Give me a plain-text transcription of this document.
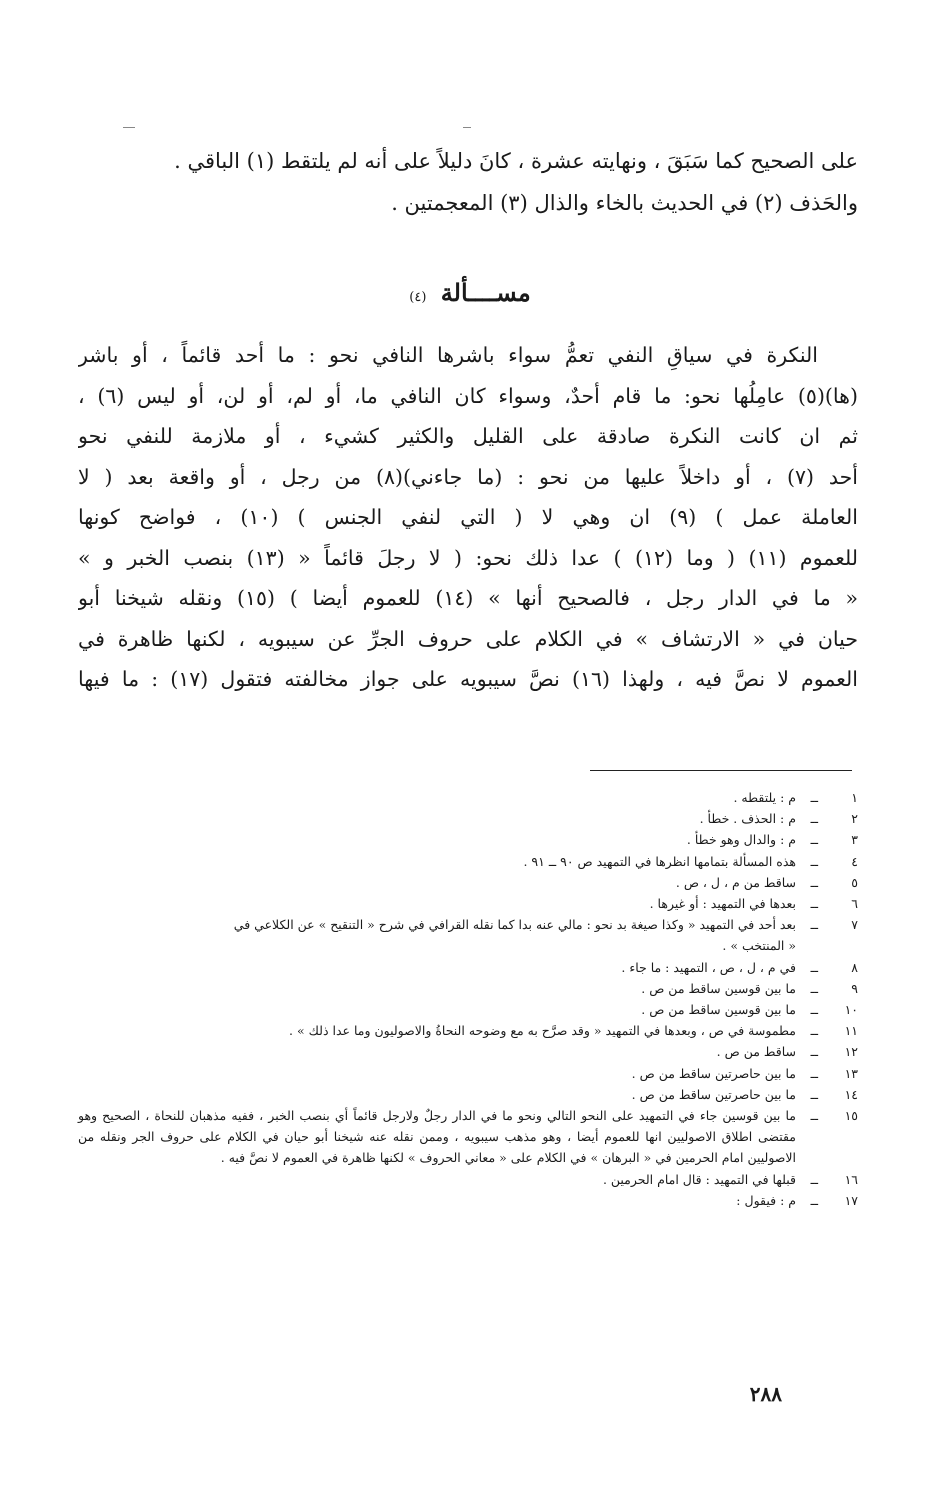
على الصحيح كما سَبَقَ ، ونهايته عشرة ، كانَ دليلاً على أنه لم يلتقط (١) الباقي .
والحَذف (٢) في الحديث بالخاء والذال (٣) المعجمتين .
مســــألة (٤)
النكرة في سياقِ النفي تعمُّ سواء باشرها النافي نحو : ما أحد قائماً ، أو باشر
(ها)(٥) عامِلُها نحو: ما قام أحدٌ، وسواء كان النافي ما، أو لم، أو لن، أو ليس (٦) ،
ثم ان كانت النكرة صادقة على القليل والكثير كشيء ، أو ملازمة للنفي نحو
أحد (٧) ، أو داخلاً عليها من نحو : (ما جاءني)(٨) من رجل ، أو واقعة بعد ( لا
العاملة عمل ) (٩) ان وهي لا ( التي لنفي الجنس ) (١٠) ، فواضح كونها
للعموم (١١) ( وما (١٢) ) عدا ذلك نحو: ( لا رجلَ قائماً « (١٣) بنصب الخبر و »
« ما في الدار رجل ، فالصحيح أنها » (١٤) للعموم أيضا ) (١٥) ونقله شيخنا أبو
حيان في « الارتشاف » في الكلام على حروف الجرِّ عن سيبويه ، لكنها ظاهرة في
العموم لا نصَّ فيه ، ولهذا (١٦) نصَّ سيبويه على جواز مخالفته فتقول (١٧) : ما فيها
١
ــ
م : يلتقطه .
٢
ــ
م : الحذف . خطأ .
٣
ــ
م : والدال وهو خطأ .
٤
ــ
هذه المسألة بتمامها انظرها في التمهيد ص ٩٠ ــ ٩١ .
٥
ــ
ساقط من م ، ل ، ص .
٦
ــ
بعدها في التمهيد : أو غيرها .
٧
ــ
بعد أحد في التمهيد « وكذا صيغة بد نحو : مالي عنه بدا كما نقله القرافي في شرح « التنقيح » عن الكلاعي في
« المنتخب » .
٨
ــ
في م ، ل ، ص ، التمهيد : ما جاء .
٩
ــ
ما بين قوسين ساقط من ص .
١٠
ــ
ما بين قوسين ساقط من ص .
١١
ــ
مطموسة في ص ، وبعدها في التمهيد « وقد صرَّح به مع وضوحه النحاةُ والاصوليون وما عدا ذلك » .
١٢
ــ
ساقط من ص .
١٣
ــ
ما بين حاصرتين ساقط من ص .
١٤
ــ
ما بين حاصرتين ساقط من ص .
١٥
ــ
ما بين قوسين جاء في التمهيد على النحو التالي ونحو ما في الدار رجلٌ ولارجل قائماً أي بنصب الخبر ، ففيه مذهبان للنحاة ، الصحيح وهو مقتضى اطلاق الاصوليين انها للعموم أيضا ، وهو مذهب سيبويه ، وممن نقله عنه شيخنا أبو حيان في الكلام على حروف الجر ونقله من الاصوليين امام الحرمين في « البرهان » في الكلام على « معاني الحروف » لكنها ظاهرة في العموم لا نصَّ فيه .
١٦
ــ
قبلها في التمهيد : قال امام الحرمين .
١٧
ــ
م : فيقول :
٢٨٨
